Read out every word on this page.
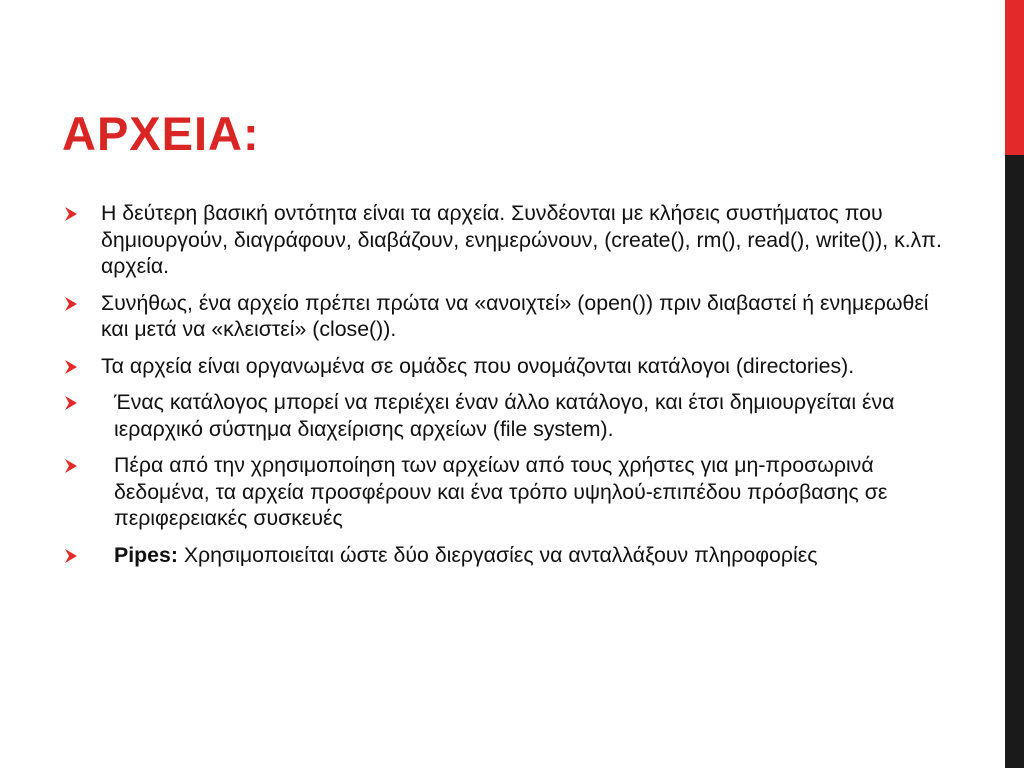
ΑΡΧΕΙΑ:
Η δεύτερη βασική οντότητα είναι τα αρχεία. Συνδέονται με κλήσεις συστήματος που δημιουργούν, διαγράφουν, διαβάζουν, ενημερώνουν, (create(), rm(), read(), write()), κ.λπ. αρχεία.
Συνήθως, ένα αρχείο πρέπει πρώτα να «ανοιχτεί» (open()) πριν διαβαστεί ή ενημερωθεί και μετά να «κλειστεί» (close()).
Τα αρχεία είναι οργανωμένα σε ομάδες που ονομάζονται κατάλογοι (directories).
Ένας κατάλογος μπορεί να περιέχει έναν άλλο κατάλογο, και έτσι δημιουργείται ένα ιεραρχικό σύστημα διαχείρισης αρχείων (file system).
Πέρα από την χρησιμοποίηση των αρχείων από τους χρήστες για μη-προσωρινά δεδομένα, τα αρχεία προσφέρουν και ένα τρόπο υψηλού-επιπέδου πρόσβασης σε περιφερειακές συσκευές
Pipes: Χρησιμοποιείται ώστε δύο διεργασίες να ανταλλάξουν πληροφορίες
